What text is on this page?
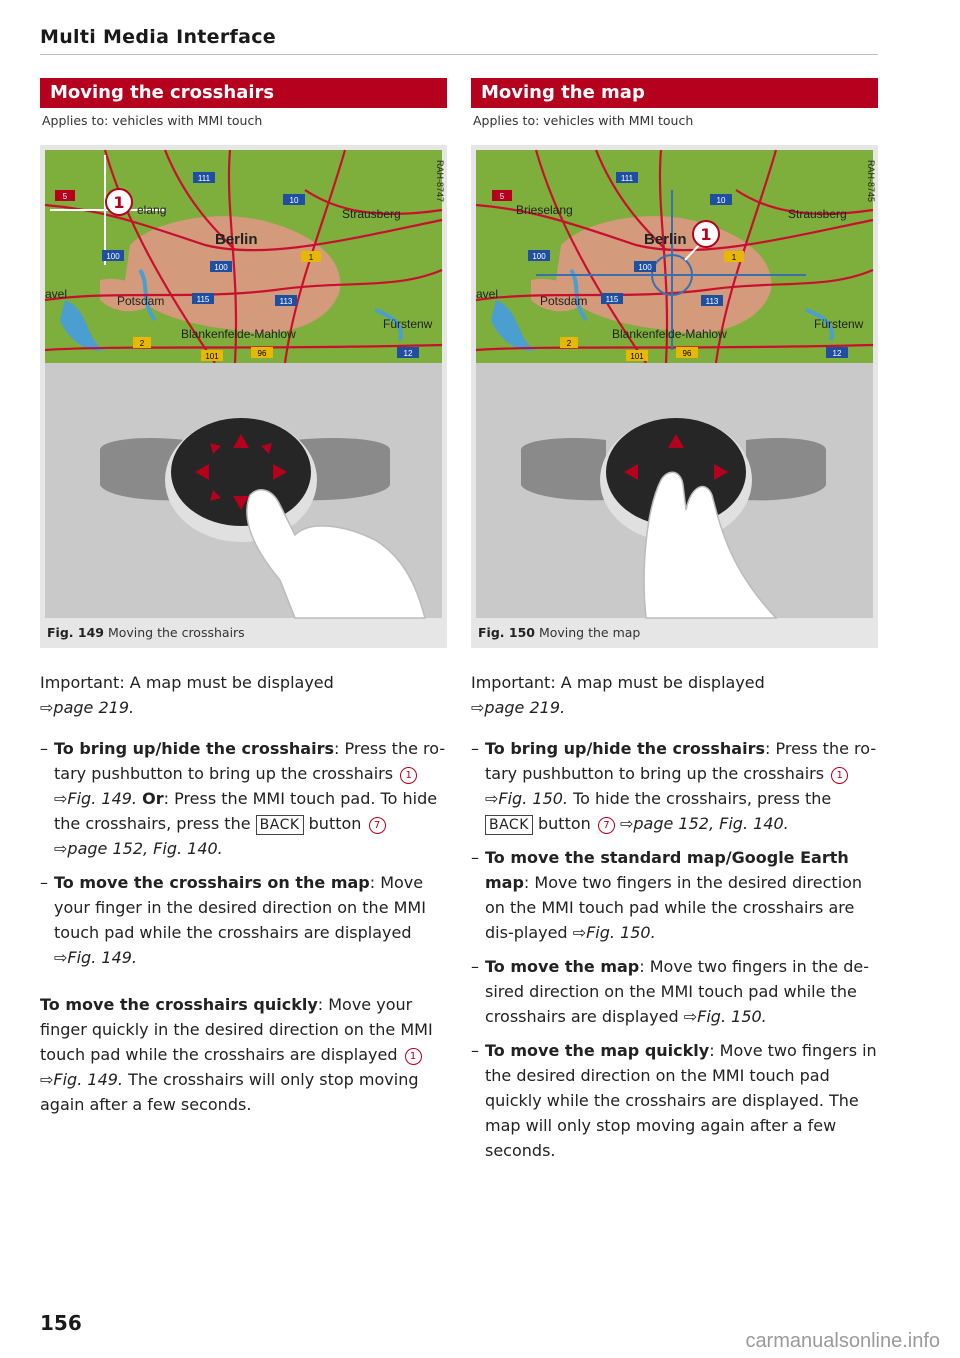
Multi Media Interface
Moving the crosshairs
Applies to: vehicles with MMI touch
5
111
10
100
100
1
115	113
2
101	96	12
elang	Strausberg
Berlin
Potsdam
avel
Blankenfelde-Mahlow
Fürstenw
1
RAH-8747
Fig. 149 Moving the crosshairs

Important: A map must be displayed
⇨page 219.

– To bring up/hide the crosshairs: Press the ro-tary pushbutton to bring up the crosshairs 1
⇨Fig. 149. Or: Press the MMI touch pad. To hide the crosshairs, press the BACK button 7
⇨page 152, Fig. 140.
– To move the crosshairs on the map: Move your finger in the desired direction on the MMI touch pad while the crosshairs are displayed
⇨Fig. 149.

To move the crosshairs quickly: Move your finger quickly in the desired direction on the MMI touch pad while the crosshairs are displayed 1
⇨Fig. 149. The crosshairs will only stop moving again after a few seconds.

Moving the map
Applies to: vehicles with MMI touch
5
111
10
100
100
1
115	113
2
101	96	12
Brieselang	Strausberg
Berlin
Potsdam
avel
Blankenfelde-Mahlow
Fürstenw
1
RAH-8745
Fig. 150 Moving the map

Important: A map must be displayed
⇨page 219.

– To bring up/hide the crosshairs: Press the ro-tary pushbutton to bring up the crosshairs 1
⇨Fig. 150. To hide the crosshairs, press the
BACK button 7 ⇨page 152, Fig. 140.
– To move the standard map/Google Earth map: Move two fingers in the desired direction on the MMI touch pad while the crosshairs are dis-played ⇨Fig. 150.
– To move the map: Move two fingers in the de-sired direction on the MMI touch pad while the crosshairs are displayed ⇨Fig. 150.
– To move the map quickly: Move two fingers in the desired direction on the MMI touch pad quickly while the crosshairs are displayed. The map will only stop moving again after a few seconds.
156
carmanualsonline.info
